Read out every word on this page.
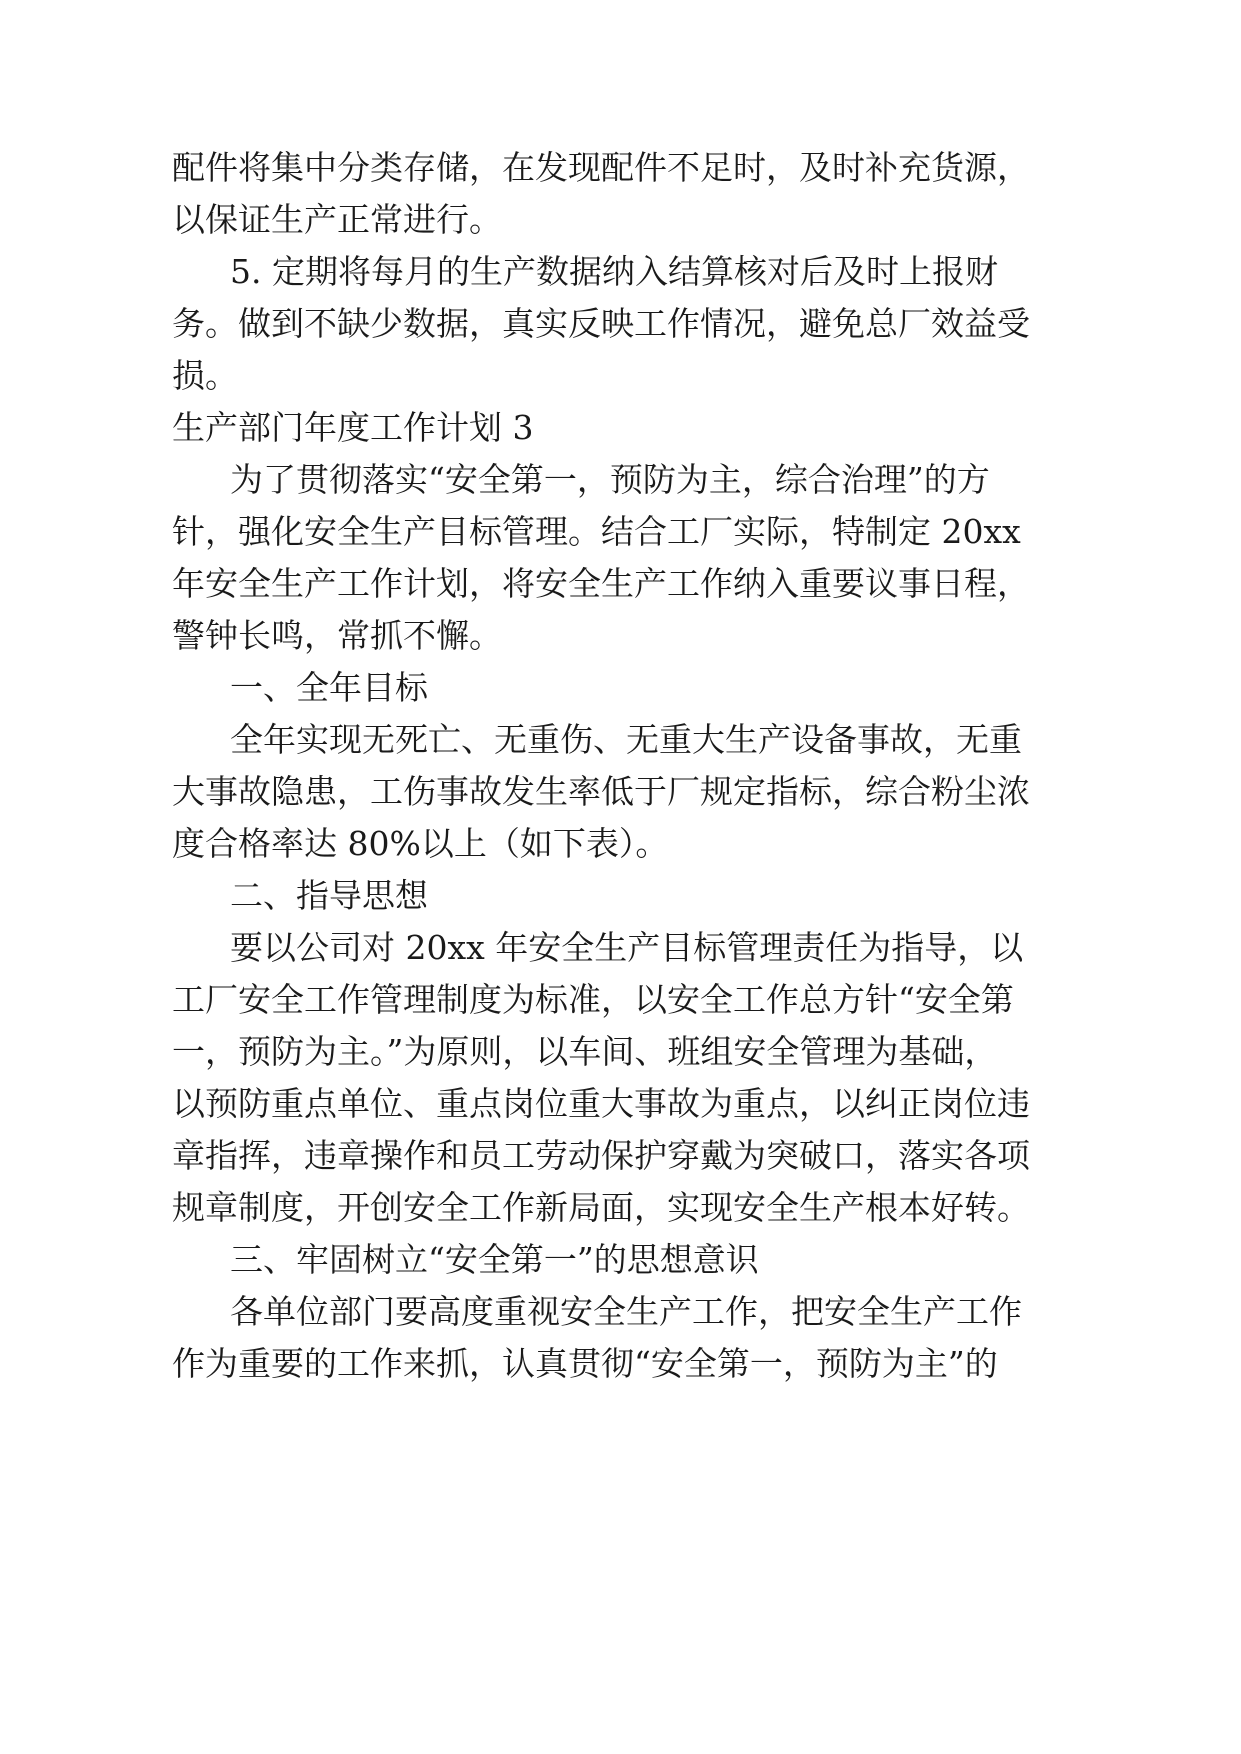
配件将集中分类存储，在发现配件不足时，及时补充货源，
以保证生产正常进行。
5. 定期将每月的生产数据纳入结算核对后及时上报财
务。做到不缺少数据，真实反映工作情况，避免总厂效益受
损。
生产部门年度工作计划 3
为了贯彻落实“安全第一，预防为主，综合治理”的方
针，强化安全生产目标管理。结合工厂实际，特制定 20xx
年安全生产工作计划，将安全生产工作纳入重要议事日程，
警钟长鸣，常抓不懈。
一、全年目标
全年实现无死亡、无重伤、无重大生产设备事故，无重
大事故隐患，工伤事故发生率低于厂规定指标，综合粉尘浓
度合格率达 80%以上（如下表）。
二、指导思想
要以公司对 20xx 年安全生产目标管理责任为指导，以
工厂安全工作管理制度为标准，以安全工作总方针“安全第
一，预防为主。”为原则，以车间、班组安全管理为基础，
以预防重点单位、重点岗位重大事故为重点，以纠正岗位违
章指挥，违章操作和员工劳动保护穿戴为突破口，落实各项
规章制度，开创安全工作新局面，实现安全生产根本好转。
三、牢固树立“安全第一”的思想意识
各单位部门要高度重视安全生产工作，把安全生产工作
作为重要的工作来抓，认真贯彻“安全第一，预防为主”的
